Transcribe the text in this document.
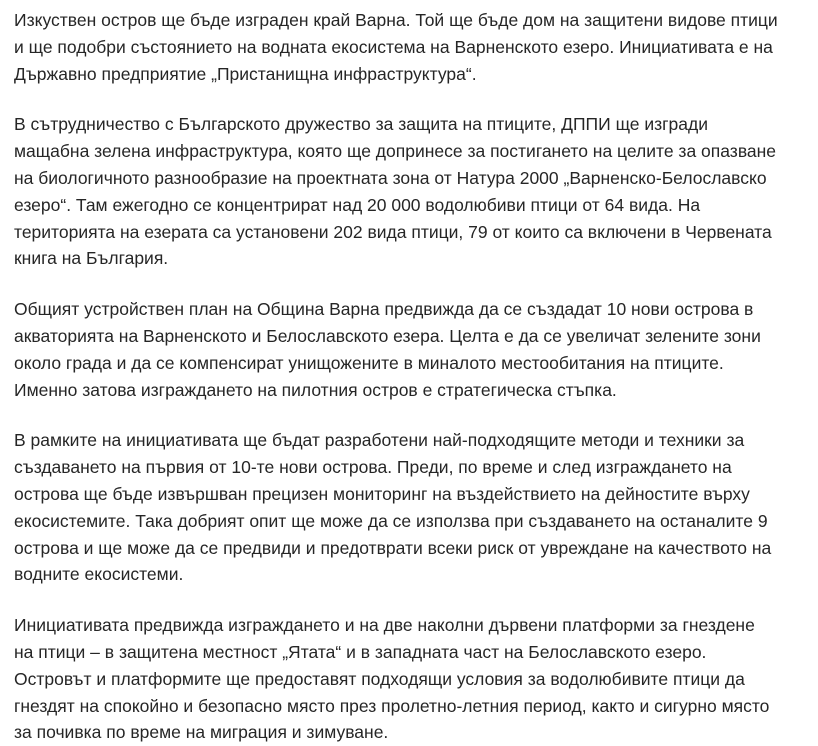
Изкуствен остров ще бъде изграден край Варна. Той ще бъде дом на защитени видове птици
и ще подобри състоянието на водната екосистема на Варненското езеро. Инициативата е на
Държавно предприятие „Пристанищна инфраструктура“.

В сътрудничество с Българското дружество за защита на птиците, ДППИ ще изгради
мащабна зелена инфраструктура, която ще допринесе за постигането на целите за опазване
на биологичното разнообразие на проектната зона от Натура 2000 „Варненско-Белославско
езеро“. Там ежегодно се концентрират над 20 000 водолюбиви птици от 64 вида. На
територията на езерата са установени 202 вида птици, 79 от които са включени в Червената
книга на България.

Общият устройствен план на Община Варна предвижда да се създадат 10 нови острова в
акваторията на Варненското и Белославското езера. Целта е да се увеличат зелените зони
около града и да се компенсират унищожените в миналото местообитания на птиците.
Именно затова изграждането на пилотния остров е стратегическа стъпка.

В рамките на инициативата ще бъдат разработени най-подходящите методи и техники за
създаването на първия от 10-те нови острова. Преди, по време и след изграждането на
острова ще бъде извършван прецизен мониторинг на въздействието на дейностите върху
екосистемите. Така добрият опит ще може да се използва при създаването на останалите 9
острова и ще може да се предвиди и предотврати всеки риск от увреждане на качеството на
водните екосистеми.

Инициативата предвижда изграждането и на две наколни дървени платформи за гнездене
на птици – в защитена местност „Ятата“ и в западната част на Белославското езеро.
Островът и платформите ще предоставят подходящи условия за водолюбивите птици да
гнездят на спокойно и безопасно място през пролетно-летния период, както и сигурно място
за почивка по време на миграция и зимуване.
